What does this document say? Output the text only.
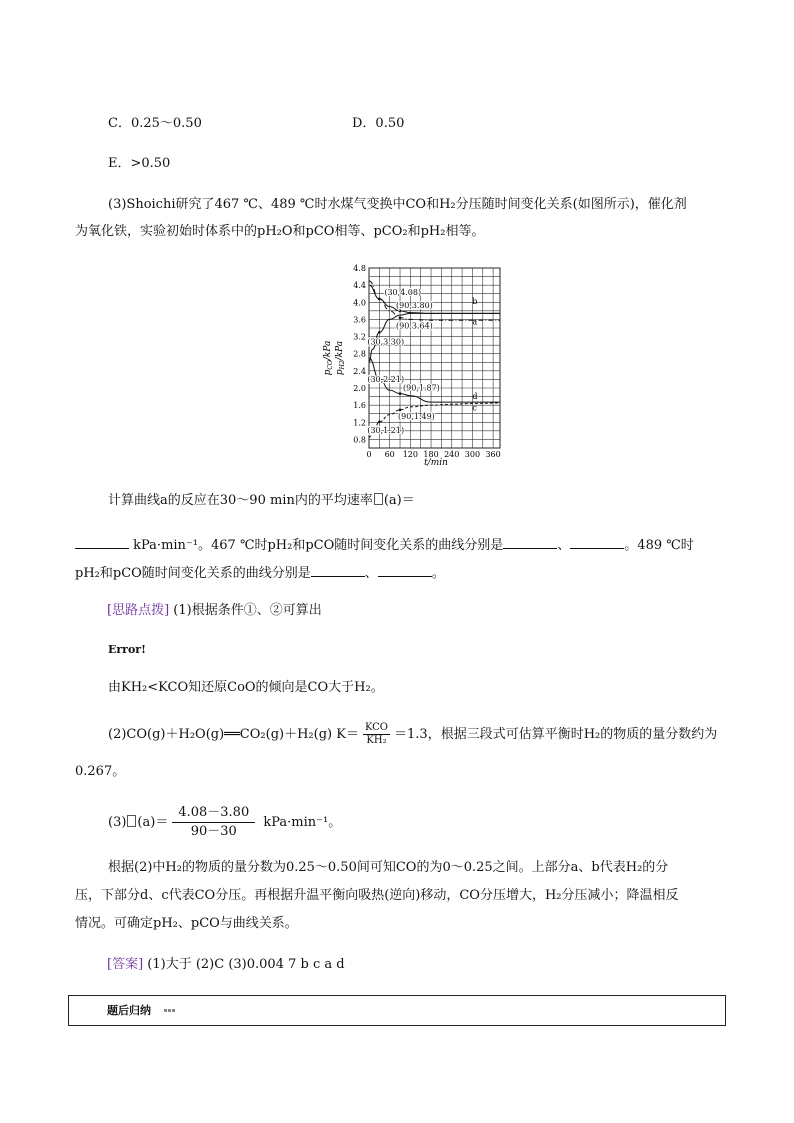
C．0.25～0.50	D．0.50
E．>0.50
(3)Shoichi研究了467 ℃、489 ℃时水煤气变换中CO和H₂分压随时间变化关系(如图所示)，催化剂
为氧化铁，实验初始时体系中的pH₂O和pCO相等、pCO₂和pH₂相等。
0.8
1.2
1.6
2.0
2.4
2.8
3.2
3.6
4.0
4.4
4.8
0 60 120 180 240 300 360
(30,4.08)
(90,3.80)
(90,3.64)
(30,3.30)
(30,2.21)
(90,1.87)
(90,1.49)
(30,1.21)
b
a
d
c
t/min
$p_{CO}$/kPa
$p_{H2}$/kPa
计算曲线a的反应在30～90 min内的平均速率 (a)＝
kPa·min⁻¹。467 ℃时pH₂和pCO随时间变化关系的曲线分别是	、	。489 ℃时
pH₂和pCO随时间变化关系的曲线分别是	、	。
[思路点拨] (1)根据条件①、②可算出
Error!
由KH₂<KCO知还原CoO的倾向是CO大于H₂。
(2)CO(g)＋H₂O(g)══CO₂(g)＋H₂(g) $K= \frac{\text{KCO}}{\text{KH₂}} =1.3$，根据三段式可估算平衡时H₂的物质的量分数约为
0.267。
(3) $(a)= \frac{4.08-3.80}{90-30} kPa\cdot\min^{-1}$。
根据(2)中H₂的物质的量分数为0.25～0.50间可知CO的为0～0.25之间。上部分a、b代表H₂的分
压，下部分d、c代表CO分压。再根据升温平衡向吸热(逆向)移动，CO分压增大，H₂分压减小；降温相反
情况。可确定pH₂、pCO与曲线关系。
[答案] (1)大于 (2)C (3)0.004 7 b c a d
题后归纳
